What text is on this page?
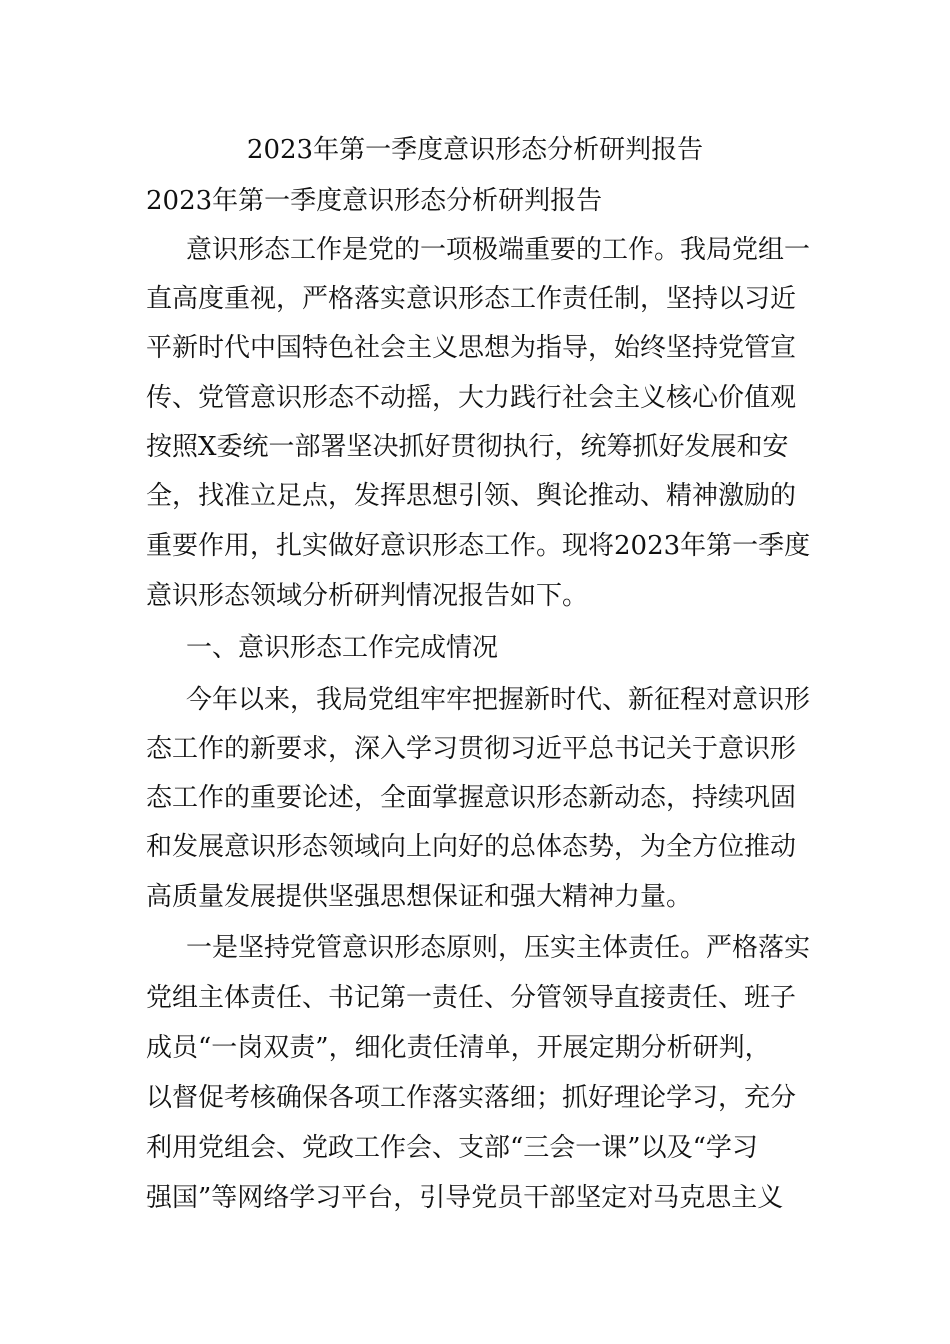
2023年第一季度意识形态分析研判报告
2023年第一季度意识形态分析研判报告
意识形态工作是党的一项极端重要的工作。我局党组一
直高度重视，严格落实意识形态工作责任制，坚持以习近
平新时代中国特色社会主义思想为指导，始终坚持党管宣
传、党管意识形态不动摇，大力践行社会主义核心价值观
按照X委统一部署坚决抓好贯彻执行，统筹抓好发展和安
全，找准立足点，发挥思想引领、舆论推动、精神激励的
重要作用，扎实做好意识形态工作。现将2023年第一季度
意识形态领域分析研判情况报告如下。
一、意识形态工作完成情况
今年以来，我局党组牢牢把握新时代、新征程对意识形
态工作的新要求，深入学习贯彻习近平总书记关于意识形
态工作的重要论述，全面掌握意识形态新动态，持续巩固
和发展意识形态领域向上向好的总体态势，为全方位推动
高质量发展提供坚强思想保证和强大精神力量。
一是坚持党管意识形态原则，压实主体责任。严格落实
党组主体责任、书记第一责任、分管领导直接责任、班子
成员“一岗双责”，细化责任清单，开展定期分析研判，
以督促考核确保各项工作落实落细；抓好理论学习，充分
利用党组会、党政工作会、支部“三会一课”以及“学习
强国”等网络学习平台，引导党员干部坚定对马克思主义
